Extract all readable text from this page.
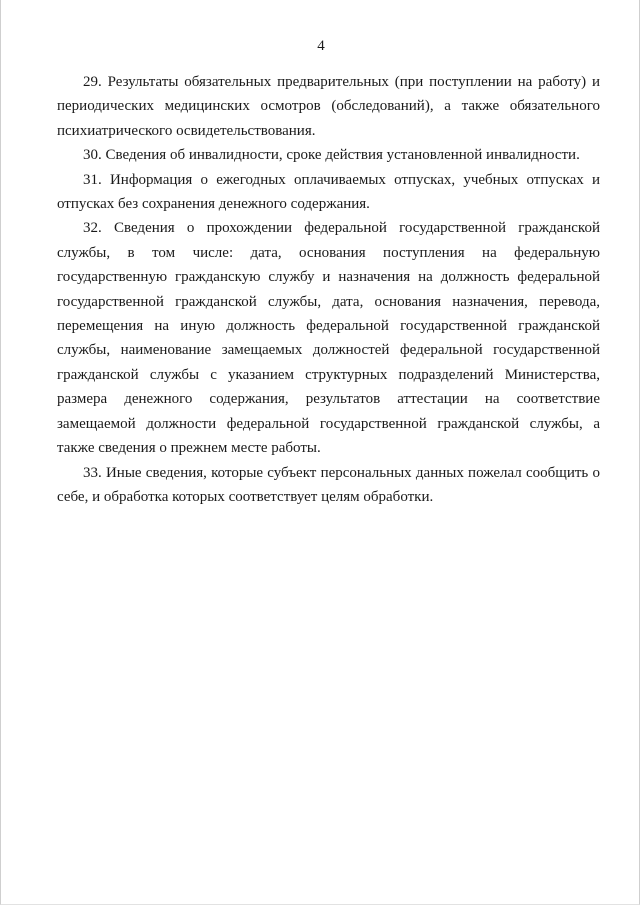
4

29. Результаты обязательных предварительных (при поступлении на работу) и периодических медицинских осмотров (обследований), а также обязательного психиатрического освидетельствования.

30. Сведения об инвалидности, сроке действия установленной инвалидности.

31. Информация о ежегодных оплачиваемых отпусках, учебных отпусках и отпусках без сохранения денежного содержания.

32. Сведения о прохождении федеральной государственной гражданской службы, в том числе: дата, основания поступления на федеральную государственную гражданскую службу и назначения на должность федеральной государственной гражданской службы, дата, основания назначения, перевода, перемещения на иную должность федеральной государственной гражданской службы, наименование замещаемых должностей федеральной государственной гражданской службы с указанием структурных подразделений Министерства, размера денежного содержания, результатов аттестации на соответствие замещаемой должности федеральной государственной гражданской службы, а также сведения о прежнем месте работы.

33. Иные сведения, которые субъект персональных данных пожелал сообщить о себе, и обработка которых соответствует целям обработки.
